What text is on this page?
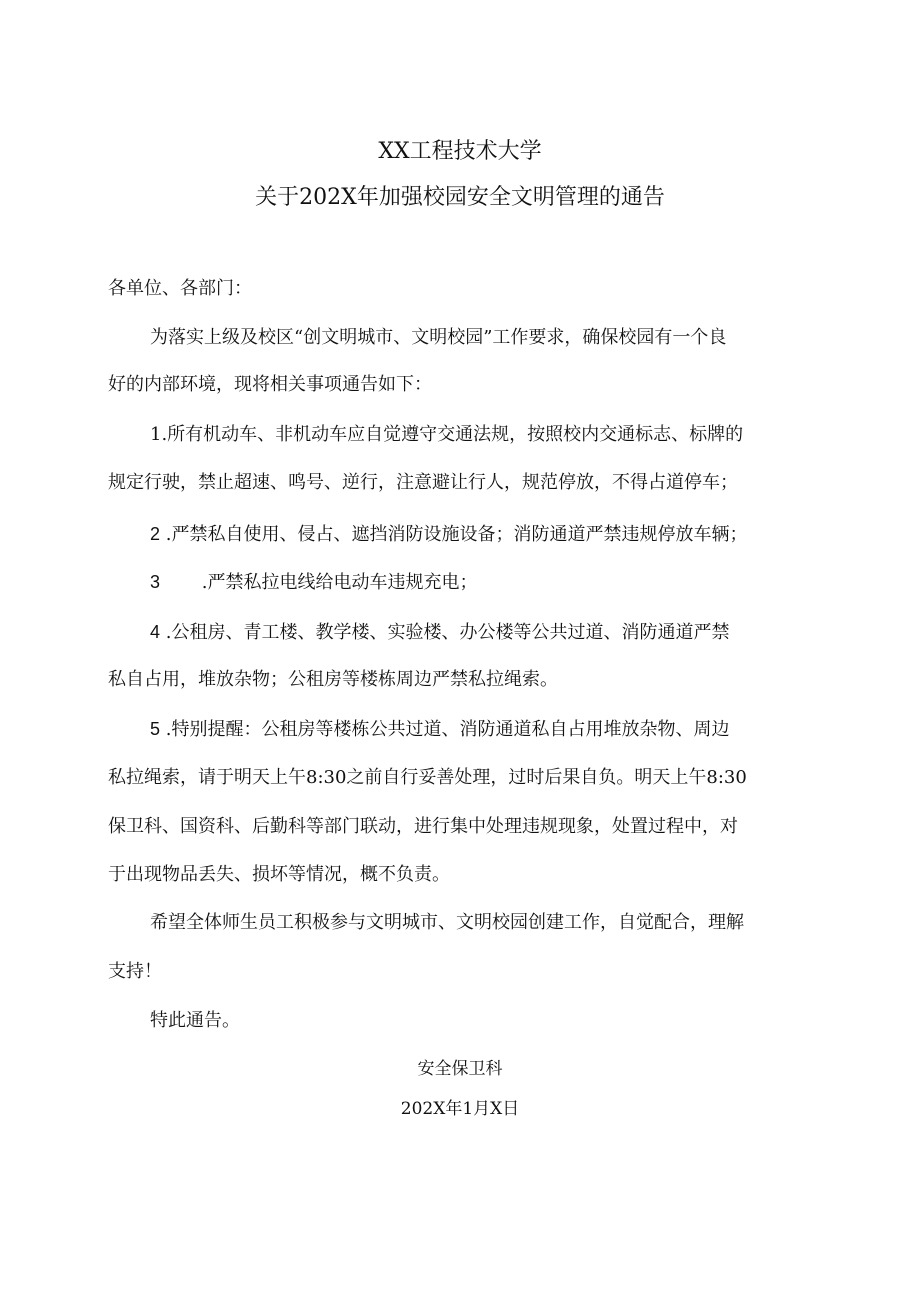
XX工程技术大学
关于202X年加强校园安全文明管理的通告
各单位、各部门：
为落实上级及校区“创文明城市、文明校园”工作要求，确保校园有一个良
好的内部环境，现将相关事项通告如下：
1.所有机动车、非机动车应自觉遵守交通法规，按照校内交通标志、标牌的
规定行驶，禁止超速、鸣号、逆行，注意避让行人，规范停放，不得占道停车；
2 .严禁私自使用、侵占、遮挡消防设施设备；消防通道严禁违规停放车辆；
3 .严禁私拉电线给电动车违规充电；
4 .公租房、青工楼、教学楼、实验楼、办公楼等公共过道、消防通道严禁
私自占用，堆放杂物；公租房等楼栋周边严禁私拉绳索。
5 .特别提醒：公租房等楼栋公共过道、消防通道私自占用堆放杂物、周边
私拉绳索，请于明天上午8:30之前自行妥善处理，过时后果自负。明天上午8:30
保卫科、国资科、后勤科等部门联动，进行集中处理违规现象，处置过程中，对
于出现物品丢失、损坏等情况，概不负责。
希望全体师生员工积极参与文明城市、文明校园创建工作，自觉配合，理解
支持！
特此通告。
安全保卫科
202X年1月X日
